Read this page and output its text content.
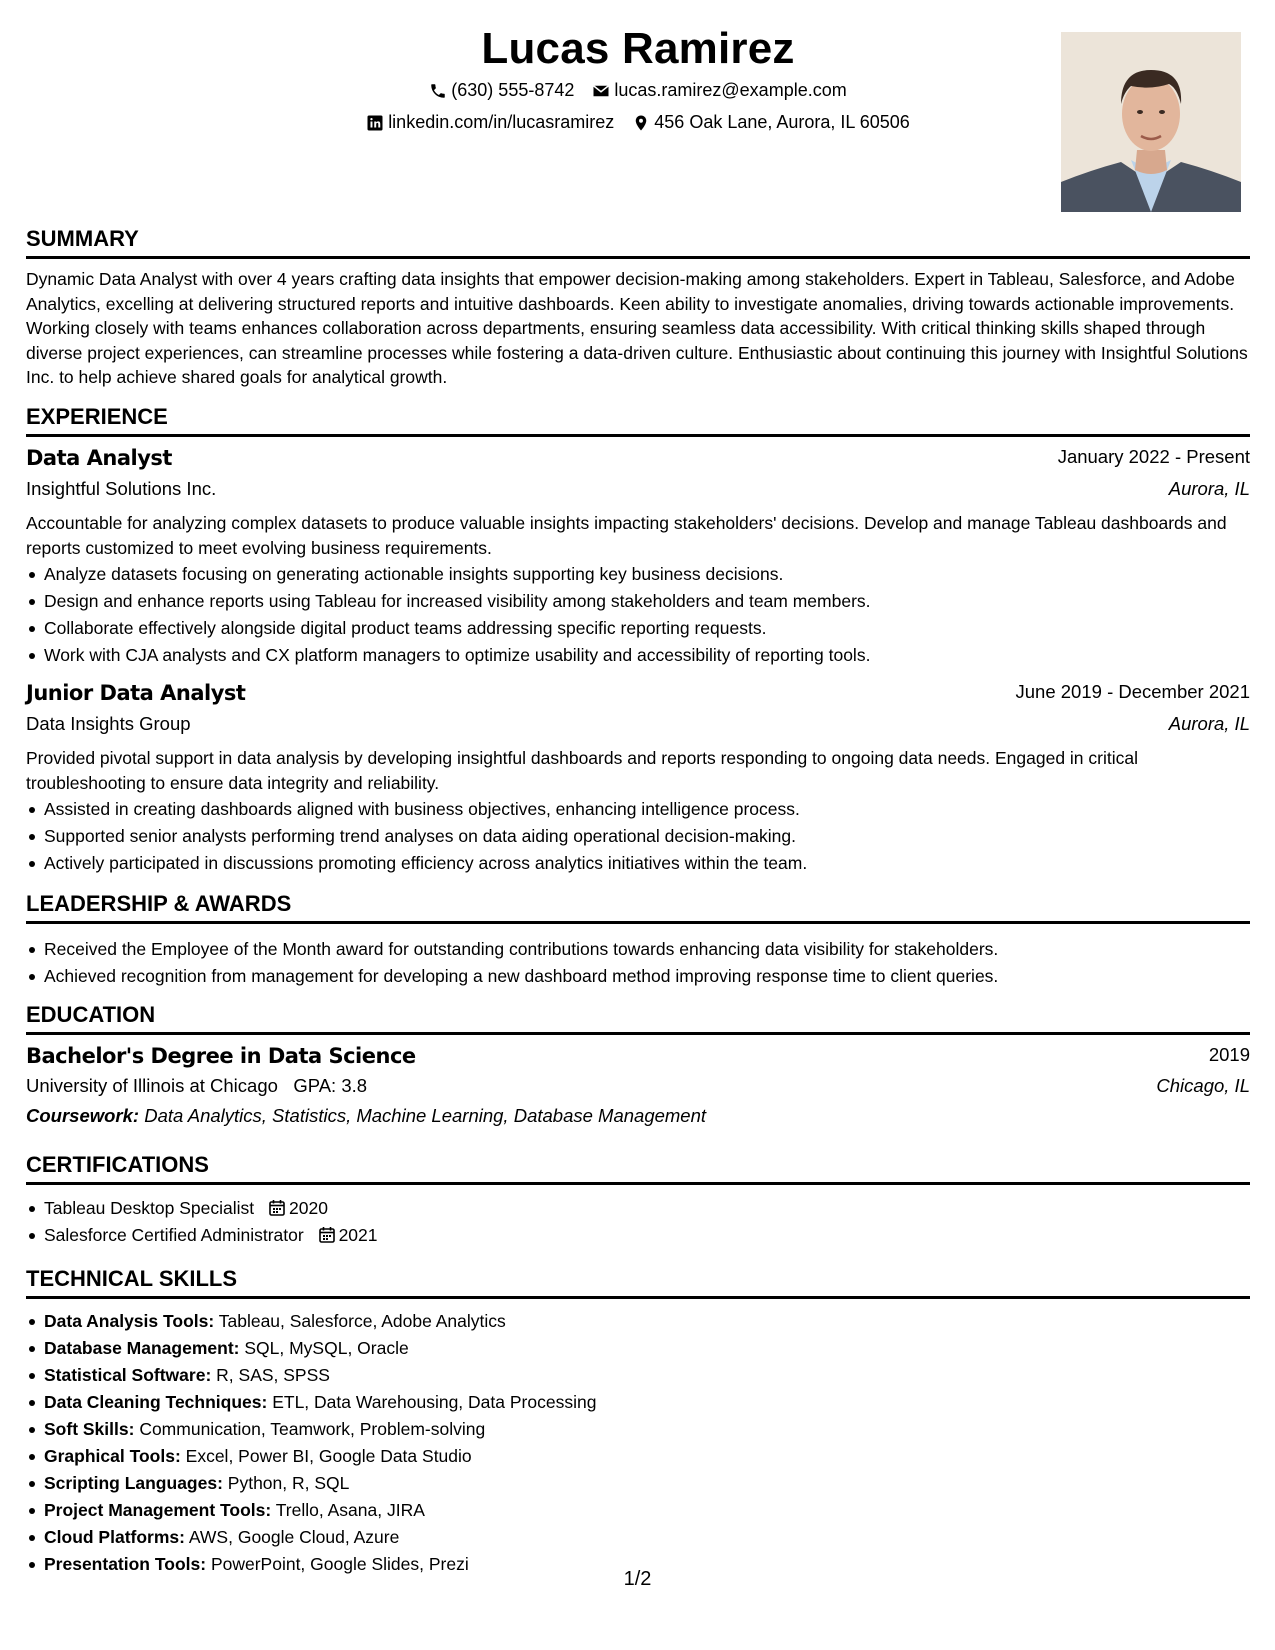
Lucas Ramirez
(630) 555-8742 lucas.ramirez@example.com
linkedin.com/in/lucasramirez 456 Oak Lane, Aurora, IL 60506
SUMMARY
Dynamic Data Analyst with over 4 years crafting data insights that empower decision-making among stakeholders. Expert in Tableau, Salesforce, and Adobe Analytics, excelling at delivering structured reports and intuitive dashboards. Keen ability to investigate anomalies, driving towards actionable improvements. Working closely with teams enhances collaboration across departments, ensuring seamless data accessibility. With critical thinking skills shaped through diverse project experiences, can streamline processes while fostering a data-driven culture. Enthusiastic about continuing this journey with Insightful Solutions Inc. to help achieve shared goals for analytical growth.
EXPERIENCE
Data Analyst	January 2022 - Present
Insightful Solutions Inc.	Aurora, IL
Accountable for analyzing complex datasets to produce valuable insights impacting stakeholders' decisions. Develop and manage Tableau dashboards and reports customized to meet evolving business requirements.
Analyze datasets focusing on generating actionable insights supporting key business decisions.
Design and enhance reports using Tableau for increased visibility among stakeholders and team members.
Collaborate effectively alongside digital product teams addressing specific reporting requests.
Work with CJA analysts and CX platform managers to optimize usability and accessibility of reporting tools.
Junior Data Analyst	June 2019 - December 2021
Data Insights Group	Aurora, IL
Provided pivotal support in data analysis by developing insightful dashboards and reports responding to ongoing data needs. Engaged in critical troubleshooting to ensure data integrity and reliability.
Assisted in creating dashboards aligned with business objectives, enhancing intelligence process.
Supported senior analysts performing trend analyses on data aiding operational decision-making.
Actively participated in discussions promoting efficiency across analytics initiatives within the team.
LEADERSHIP & AWARDS
Received the Employee of the Month award for outstanding contributions towards enhancing data visibility for stakeholders.
Achieved recognition from management for developing a new dashboard method improving response time to client queries.
EDUCATION
Bachelor's Degree in Data Science	2019
University of Illinois at Chicago GPA: 3.8	Chicago, IL
Coursework: Data Analytics, Statistics, Machine Learning, Database Management
CERTIFICATIONS
Tableau Desktop Specialist 2020
Salesforce Certified Administrator 2021
TECHNICAL SKILLS
Data Analysis Tools: Tableau, Salesforce, Adobe Analytics
Database Management: SQL, MySQL, Oracle
Statistical Software: R, SAS, SPSS
Data Cleaning Techniques: ETL, Data Warehousing, Data Processing
Soft Skills: Communication, Teamwork, Problem-solving
Graphical Tools: Excel, Power BI, Google Data Studio
Scripting Languages: Python, R, SQL
Project Management Tools: Trello, Asana, JIRA
Cloud Platforms: AWS, Google Cloud, Azure
Presentation Tools: PowerPoint, Google Slides, Prezi
1/2
